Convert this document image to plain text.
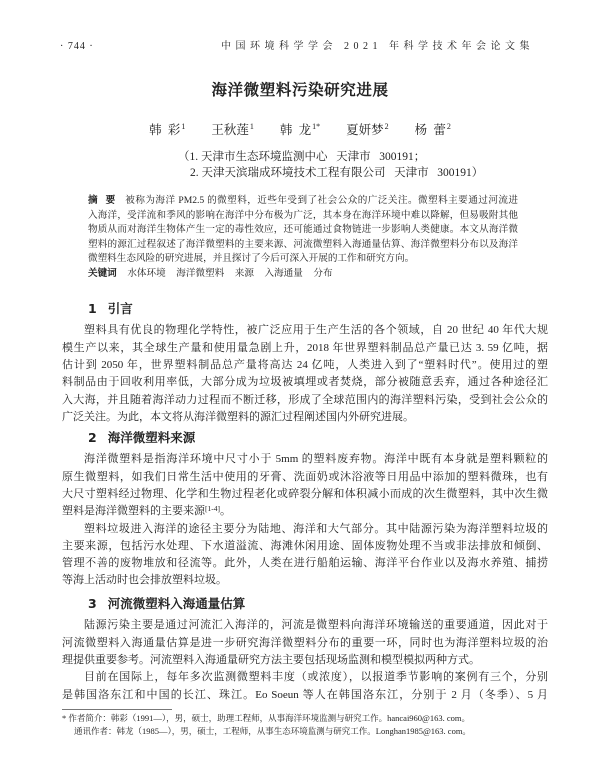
· 744 ·	中国环境科学学会 2021 年科学技术年会论文集
海洋微塑料污染研究进展
韩  彩$^1$ 王秋莲$^1$ 韩  龙$^{1*}$ 夏妍梦$^2$ 杨  蕾$^2$
（1. 天津市生态环境监测中心   天津市   300191；
2. 天津天滨瑞成环境技术工程有限公司   天津市   300191）
摘  要 被称为海洋 PM2.5 的微塑料，近些年受到了社会公众的广泛关注。微塑料主要通过河流进
入海洋，受洋流和季风的影响在海洋中分布极为广泛，其本身在海洋环境中难以降解，但易吸附其他
物质从而对海洋生物体产生一定的毒性效应，还可能通过食物链进一步影响人类健康。本文从海洋微
塑料的源汇过程叙述了海洋微塑料的主要来源、河流微塑料入海通量估算、海洋微塑料分布以及海洋
微塑料生态风险的研究进展，并且探讨了今后可深入开展的工作和研究方向。
关键词 水体环境 海洋微塑料 来源 入海通量 分布
1 引言
塑料具有优良的物理化学特性，被广泛应用于生产生活的各个领域，自 20 世纪 40 年代大规
模生产以来，其全球生产量和使用量急剧上升，2018 年世界塑料制品总产量已达 3. 59 亿吨，据
估计到 2050 年，世界塑料制品总产量将高达 24 亿吨，人类进入到了“塑料时代”。使用过的塑
料制品由于回收利用率低，大部分成为垃圾被填埋或者焚烧，部分被随意丢弃，通过各种途径汇
入大海，并且随着海洋动力过程而不断迁移，形成了全球范围内的海洋塑料污染，受到社会公众的
广泛关注。为此，本文将从海洋微塑料的源汇过程阐述国内外研究进展。
2 海洋微塑料来源
海洋微塑料是指海洋环境中尺寸小于 5mm 的塑料废弃物。海洋中既有本身就是塑料颗粒的
原生微塑料，如我们日常生活中使用的牙膏、洗面奶或沐浴液等日用品中添加的塑料微珠，也有
大尺寸塑料经过物理、化学和生物过程老化或碎裂分解和体积减小而成的次生微塑料，其中次生微
塑料是海洋微塑料的主要来源[1-4]。
塑料垃圾进入海洋的途径主要分为陆地、海洋和大气部分。其中陆源污染为海洋塑料垃圾的
主要来源，包括污水处理、下水道溢流、海滩休闲用途、固体废物处理不当或非法排放和倾倒、
管理不善的废物堆放和径流等。此外，人类在进行船舶运输、海洋平台作业以及海水养殖、捕捞
等海上活动时也会排放塑料垃圾。
3 河流微塑料入海通量估算
陆源污染主要是通过河流汇入海洋的，河流是微塑料向海洋环境输送的重要通道，因此对于
河流微塑料入海通量估算是进一步研究海洋微塑料分布的重要一环，同时也为海洋塑料垃圾的治
理提供重要参考。河流塑料入海通量研究方法主要包括现场监测和模型模拟两种方式。
目前在国际上，每年多次监测微塑料丰度（或浓度），以报道季节影响的案例有三个，分别
是韩国洛东江和中国的长江、珠江。Eo Soeun 等人在韩国洛东江，分别于 2 月（冬季）、5 月
* 作者简介：韩彩（1991—），男，硕士，助理工程师，从事海洋环境监测与研究工作。hancai960@163. com。
通讯作者：韩龙（1985—），男，硕士，工程师，从事生态环境监测与研究工作。Longhan1985@163. com。
